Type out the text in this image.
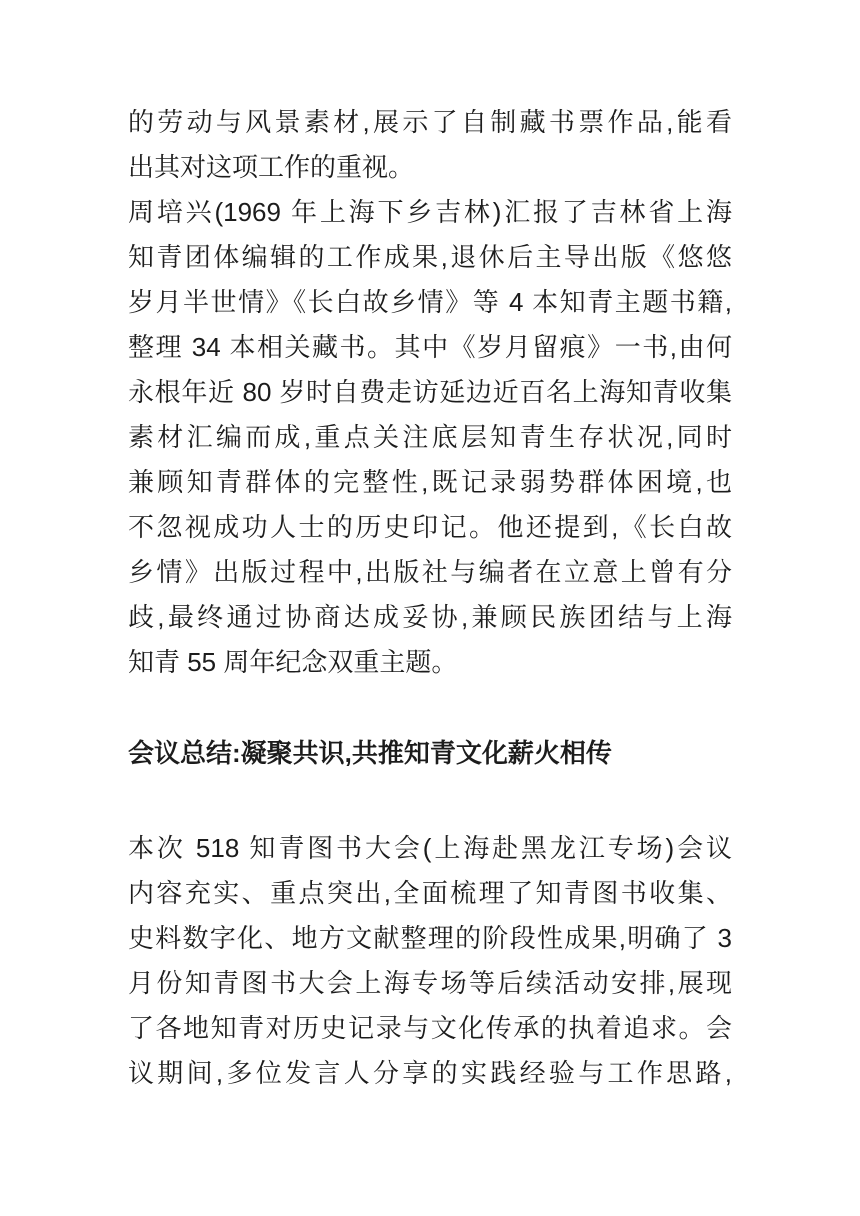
的劳动与风景素材,展示了自制藏书票作品,能看
出其对这项工作的重视。
周培兴(1969 年上海下乡吉林)汇报了吉林省上海
知青团体编辑的工作成果,退休后主导出版《悠悠
岁月半世情》《长白故乡情》等 4 本知青主题书籍,
整理 34 本相关藏书。其中《岁月留痕》一书,由何
永根年近 80 岁时自费走访延边近百名上海知青收集
素材汇编而成,重点关注底层知青生存状况,同时
兼顾知青群体的完整性,既记录弱势群体困境,也
不忽视成功人士的历史印记。他还提到,《长白故
乡情》出版过程中,出版社与编者在立意上曾有分
歧,最终通过协商达成妥协,兼顾民族团结与上海
知青 55 周年纪念双重主题。
会议总结:凝聚共识,共推知青文化薪火相传
本次 518 知青图书大会(上海赴黑龙江专场)会议
内容充实、重点突出,全面梳理了知青图书收集、
史料数字化、地方文献整理的阶段性成果,明确了 3
月份知青图书大会上海专场等后续活动安排,展现
了各地知青对历史记录与文化传承的执着追求。会
议期间,多位发言人分享的实践经验与工作思路,
